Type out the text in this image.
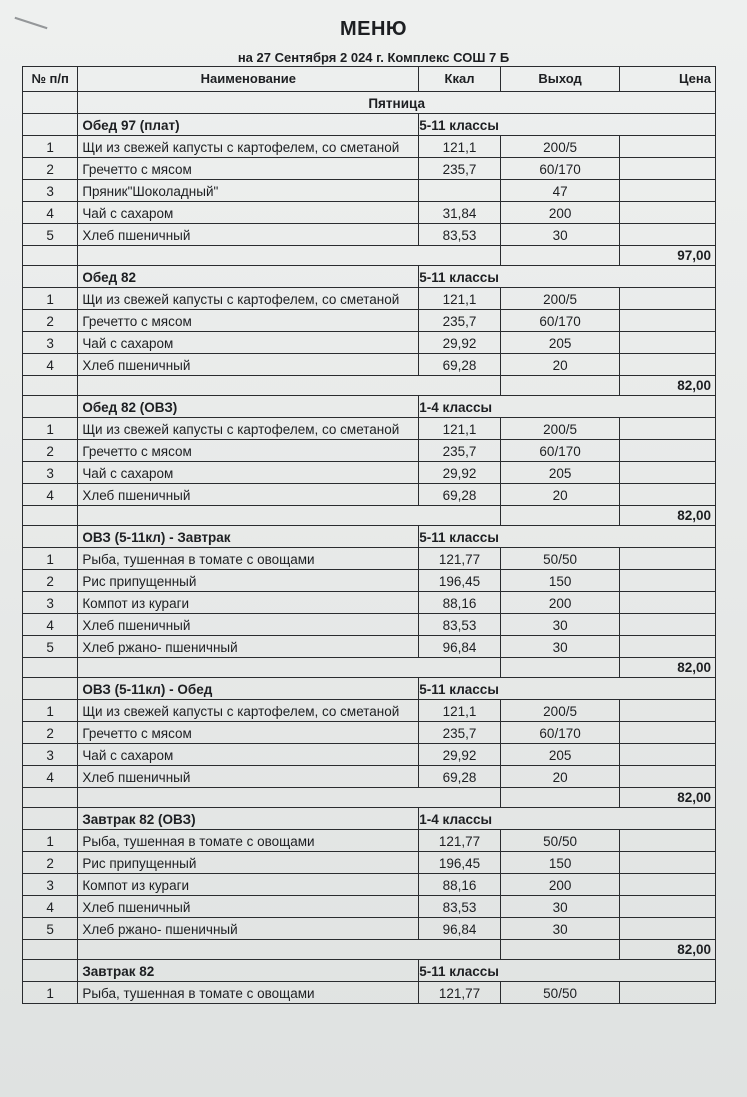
МЕНЮ
на 27 Сентября 2 024 г. Комплекс СОШ 7 Б
№ п/п	Наименование	Ккал	Выход	Цена
	Пятница			
	Обед 97 (плат)	5-11 классы		
1	Щи из свежей капусты с картофелем, со сметаной	121,1	200/5	
2	Гречетто с мясом	235,7	60/170	
3	Пряник"Шоколадный"		47	
4	Чай с сахаром	31,84	200	
5	Хлеб пшеничный	83,53	30	
				97,00
	Обед 82	5-11 классы		
1	Щи из свежей капусты с картофелем, со сметаной	121,1	200/5	
2	Гречетто с мясом	235,7	60/170	
3	Чай с сахаром	29,92	205	
4	Хлеб пшеничный	69,28	20	
				82,00
	Обед 82 (ОВЗ)	1-4 классы		
1	Щи из свежей капусты с картофелем, со сметаной	121,1	200/5	
2	Гречетто с мясом	235,7	60/170	
3	Чай с сахаром	29,92	205	
4	Хлеб пшеничный	69,28	20	
				82,00
	ОВЗ (5-11кл) - Завтрак	5-11 классы		
1	Рыба, тушенная в томате с овощами	121,77	50/50	
2	Рис припущенный	196,45	150	
3	Компот из кураги	88,16	200	
4	Хлеб пшеничный	83,53	30	
5	Хлеб ржано- пшеничный	96,84	30	
				82,00
	ОВЗ (5-11кл) - Обед	5-11 классы		
1	Щи из свежей капусты с картофелем, со сметаной	121,1	200/5	
2	Гречетто с мясом	235,7	60/170	
3	Чай с сахаром	29,92	205	
4	Хлеб пшеничный	69,28	20	
				82,00
	Завтрак 82 (ОВЗ)	1-4 классы		
1	Рыба, тушенная в томате с овощами	121,77	50/50	
2	Рис припущенный	196,45	150	
3	Компот из кураги	88,16	200	
4	Хлеб пшеничный	83,53	30	
5	Хлеб ржано- пшеничный	96,84	30	
				82,00
	Завтрак 82	5-11 классы		
1	Рыба, тушенная в томате с овощами	121,77	50/50	
